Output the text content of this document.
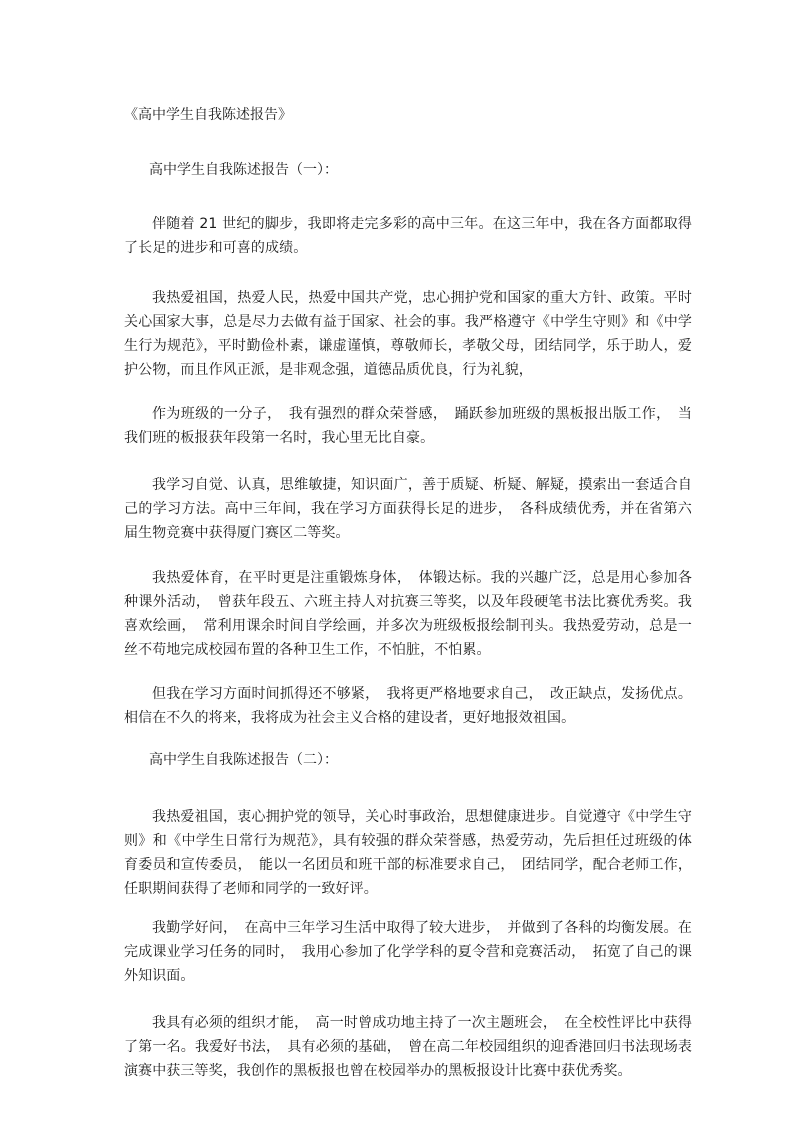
《高中学生自我陈述报告》
高中学生自我陈述报告（一）：

伴随着 21 世纪的脚步，我即将走完多彩的高中三年。在这三年中，我在各方面都取得了长足的进步和可喜的成绩。

我热爱祖国，热爱人民，热爱中国共产党，忠心拥护党和国家的重大方针、政策。平时关心国家大事，总是尽力去做有益于国家、社会的事。我严格遵守《中学生守则》和《中学生行为规范》，平时勤俭朴素，谦虚谨慎，尊敬师长，孝敬父母，团结同学，乐于助人，爱护公物，而且作风正派，是非观念强，道德品质优良，行为礼貌，

作为班级的一分子，　我有强烈的群众荣誉感，　踊跃参加班级的黑板报出版工作，　当我们班的板报获年段第一名时，我心里无比自豪。

我学习自觉、认真，思维敏捷，知识面广，善于质疑、析疑、解疑，摸索出一套适合自己的学习方法。高中三年间，我在学习方面获得长足的进步，　各科成绩优秀，并在省第六届生物竞赛中获得厦门赛区二等奖。

我热爱体育，在平时更是注重锻炼身体，　体锻达标。我的兴趣广泛，总是用心参加各种课外活动，　曾获年段五、六班主持人对抗赛三等奖，以及年段硬笔书法比赛优秀奖。我喜欢绘画，　常利用课余时间自学绘画，并多次为班级板报绘制刊头。我热爱劳动，总是一丝不苟地完成校园布置的各种卫生工作，不怕脏，不怕累。

但我在学习方面时间抓得还不够紧，　我将更严格地要求自己，　改正缺点，发扬优点。相信在不久的将来，我将成为社会主义合格的建设者，更好地报效祖国。

高中学生自我陈述报告（二）：

我热爱祖国，衷心拥护党的领导，关心时事政治，思想健康进步。自觉遵守《中学生守则》和《中学生日常行为规范》，具有较强的群众荣誉感，热爱劳动，先后担任过班级的体育委员和宣传委员，　能以一名团员和班干部的标准要求自己，　团结同学，配合老师工作，任职期间获得了老师和同学的一致好评。

我勤学好问，　在高中三年学习生活中取得了较大进步，　并做到了各科的均衡发展。在完成课业学习任务的同时，　我用心参加了化学学科的夏令营和竞赛活动，　拓宽了自己的课外知识面。

我具有必须的组织才能，　高一时曾成功地主持了一次主题班会，　在全校性评比中获得了第一名。我爱好书法，　具有必须的基础，　曾在高二年校园组织的迎香港回归书法现场表演赛中获三等奖，我创作的黑板报也曾在校园举办的黑板报设计比赛中获优秀奖。
